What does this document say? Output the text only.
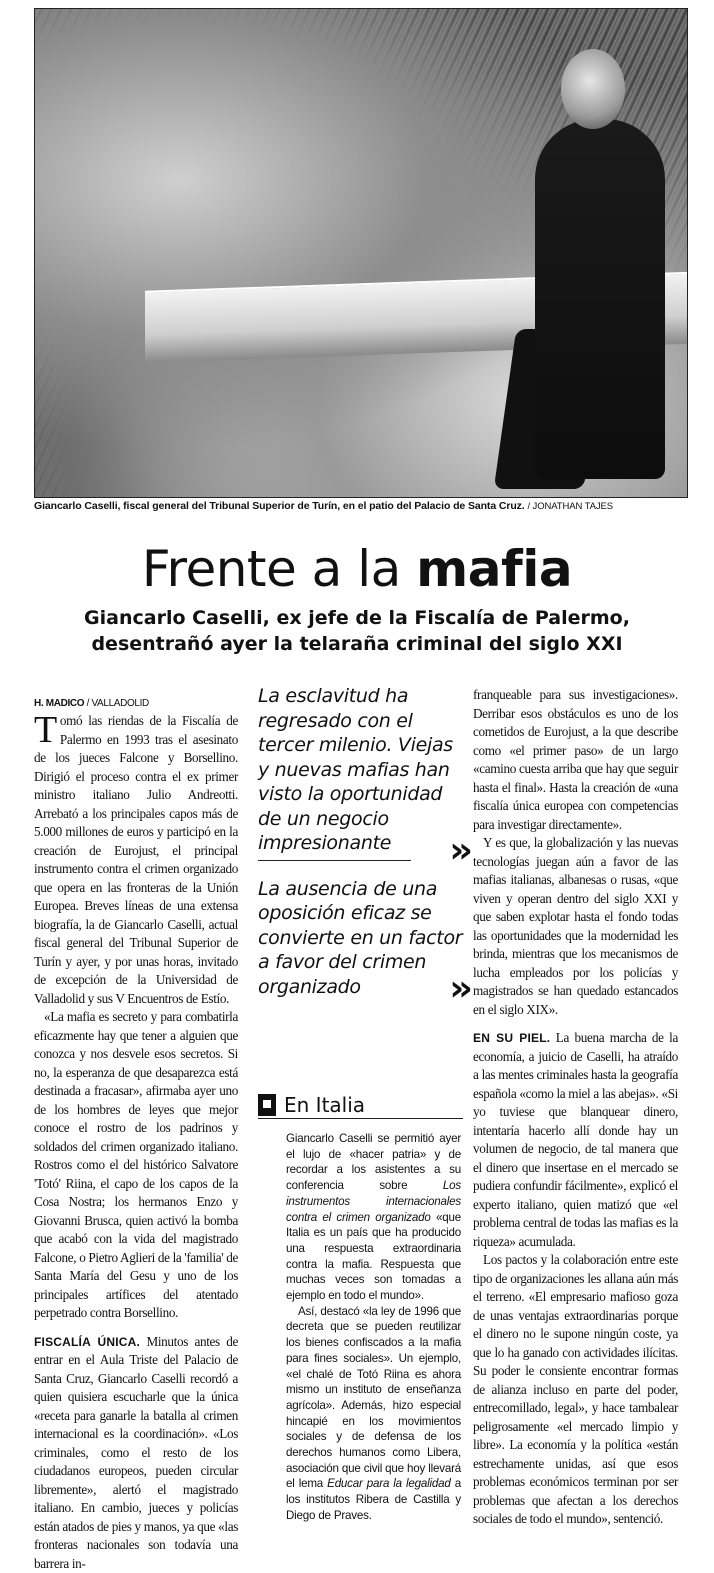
Giancarlo Caselli, fiscal general del Tribunal Superior de Turín, en el patio del Palacio de Santa Cruz. / JONATHAN TAJES
Frente a la mafia
Giancarlo Caselli, ex jefe de la Fiscalía de Palermo, desentrañó ayer la telaraña criminal del siglo XXI
H. MADICO / VALLADOLID

Tomó las riendas de la Fiscalía de Palermo en 1993 tras el asesinato de los jueces Falcone y Borsellino. Dirigió el proceso contra el ex primer ministro italiano Julio Andreotti. Arrebató a los principales capos más de 5.000 millones de euros y participó en la creación de Eurojust, el principal instrumento contra el crimen organizado que opera en las fronteras de la Unión Europea. Breves líneas de una extensa biografía, la de Giancarlo Caselli, actual fiscal general del Tribunal Superior de Turín y ayer, y por unas horas, invitado de excepción de la Universidad de Valladolid y sus V Encuentros de Estío.

«La mafia es secreto y para combatirla eficazmente hay que tener a alguien que conozca y nos desvele esos secretos. Si no, la esperanza de que desaparezca está destinada a fracasar», afirmaba ayer uno de los hombres de leyes que mejor conoce el rostro de los padrinos y soldados del crimen organizado italiano. Rostros como el del histórico Salvatore 'Totó' Riina, el capo de los capos de la Cosa Nostra; los hermanos Enzo y Giovanni Brusca, quien activó la bomba que acabó con la vida del magistrado Falcone, o Pietro Aglieri de la 'familia' de Santa María del Gesu y uno de los principales artífices del atentado perpetrado contra Borsellino.

FISCALÍA ÚNICA. Minutos antes de entrar en el Aula Triste del Palacio de Santa Cruz, Giancarlo Caselli recordó a quien quisiera escucharle que la única «receta para ganarle la batalla al crimen internacional es la coordinación». «Los criminales, como el resto de los ciudadanos europeos, pueden circular libremente», alertó el magistrado italiano. En cambio, jueces y policías están atados de pies y manos, ya que «las fronteras nacionales son todavía una barrera in-

La esclavitud ha regresado con el tercer milenio. Viejas y nuevas mafias han visto la oportunidad de un negocio impresionante ››
La ausencia de una oposición eficaz se convierte en un factor a favor del crimen organizado ››
En Italia

Giancarlo Caselli se permitió ayer el lujo de «hacer patria» y de recordar a los asistentes a su conferencia sobre Los instrumentos internacionales contra el crimen organizado «que Italia es un país que ha producido una respuesta extraordinaria contra la mafia. Respuesta que muchas veces son tomadas a ejemplo en todo el mundo».

Así, destacó «la ley de 1996 que decreta que se pueden reutilizar los bienes confiscados a la mafia para fines sociales». Un ejemplo, «el chalé de Totó Riina es ahora mismo un instituto de enseñanza agrícola». Además, hizo especial hincapié en los movimientos sociales y de defensa de los derechos humanos como Libera, asociación que civil que hoy llevará el lema Educar para la legalidad a los institutos Ribera de Castilla y Diego de Praves.

franqueable para sus investigaciones». Derribar esos obstáculos es uno de los cometidos de Eurojust, a la que describe como «el primer paso» de un largo «camino cuesta arriba que hay que seguir hasta el final». Hasta la creación de «una fiscalía única europea con competencias para investigar directamente».

Y es que, la globalización y las nuevas tecnologías juegan aún a favor de las mafias italianas, albanesas o rusas, «que viven y operan dentro del siglo XXI y que saben explotar hasta el fondo todas las oportunidades que la modernidad les brinda, mientras que los mecanismos de lucha empleados por los policías y magistrados se han quedado estancados en el siglo XIX».

EN SU PIEL. La buena marcha de la economía, a juicio de Caselli, ha atraído a las mentes criminales hasta la geografía española «como la miel a las abejas». «Si yo tuviese que blanquear dinero, intentaría hacerlo allí donde hay un volumen de negocio, de tal manera que el dinero que insertase en el mercado se pudiera confundir fácilmente», explicó el experto italiano, quien matizó que «el problema central de todas las mafias es la riqueza» acumulada.

Los pactos y la colaboración entre este tipo de organizaciones les allana aún más el terreno. «El empresario mafioso goza de unas ventajas extraordinarias porque el dinero no le supone ningún coste, ya que lo ha ganado con actividades ilícitas. Su poder le consiente encontrar formas de alianza incluso en parte del poder, entrecomillado, legal», y hace tambalear peligrosamente «el mercado limpio y libre». La economía y la política «están estrechamente unidas, así que esos problemas económicos terminan por ser problemas que afectan a los derechos sociales de todo el mundo», sentenció.
